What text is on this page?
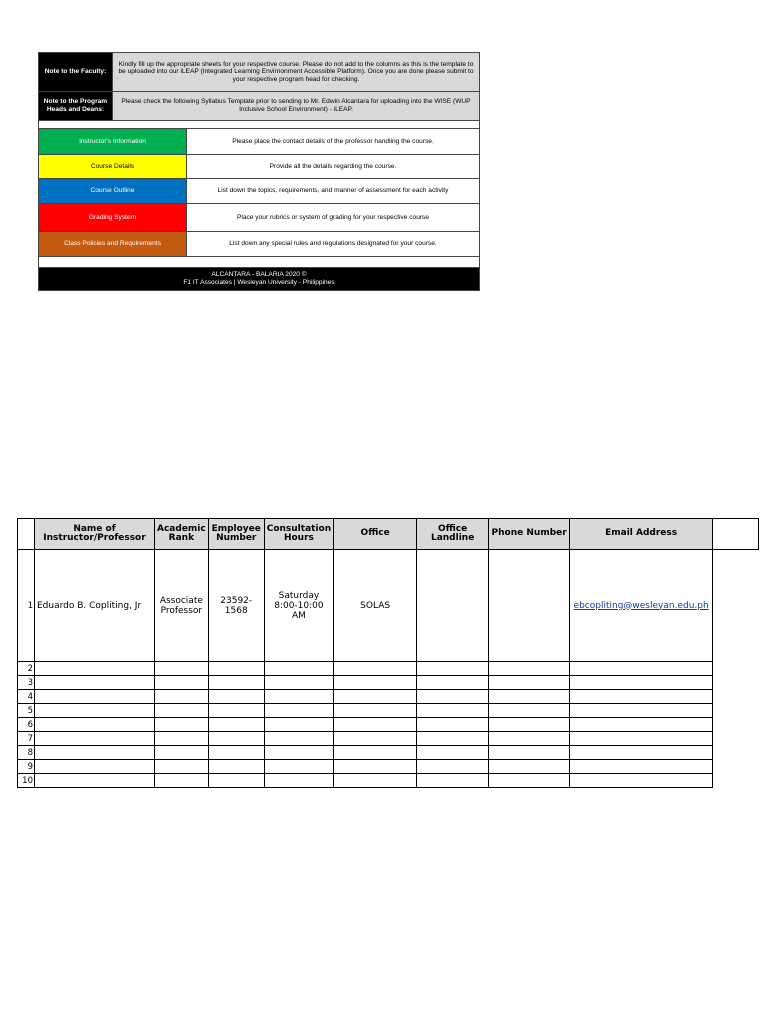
Note to the Faculty:	Kindly fill up the appropriate sheets for your respective course. Please do not add to the columns as this is the template to be uploaded into our iLEAP (Integrated Learning Envirnonment Accessible Platform). Once you are done please submit to your respective program head for checking.	
Note to the Program Heads and Deans:	Please check the following Syllabus Template prior to sending to Mr. Edwin Alcantara for uploading into the WISE (WUP Inclusive School Environment) - iLEAP.	

Instructor's Information		Please place the contact details of the professor handling the course.
Course Details		Provide all the details regarding the course.
Course Outline		List down the topics, requirements, and manner of assessment for each activity
Grading System		Place your rubrics or system of grading for your respective course
Class Policies and Requirements		List down any special rules and regulations designated for your course.

ALCANTARA - BALARIA 2020 ©
F1 IT Associates | Wesleyan University - Philippines		
	Name of Instructor/Professor	Academic Rank	Employee Number	Consultation Hours	Office	Office Landline	Phone Number	Email Address	
1	Eduardo B. Copliting, Jr	Associate Professor	23592-1568	Saturday 8:00-10:00 AM	SOLAS			ebcopliting@wesleyan.edu.ph	
2									
3									
4									
5									
6									
7									
8									
9									
10									
